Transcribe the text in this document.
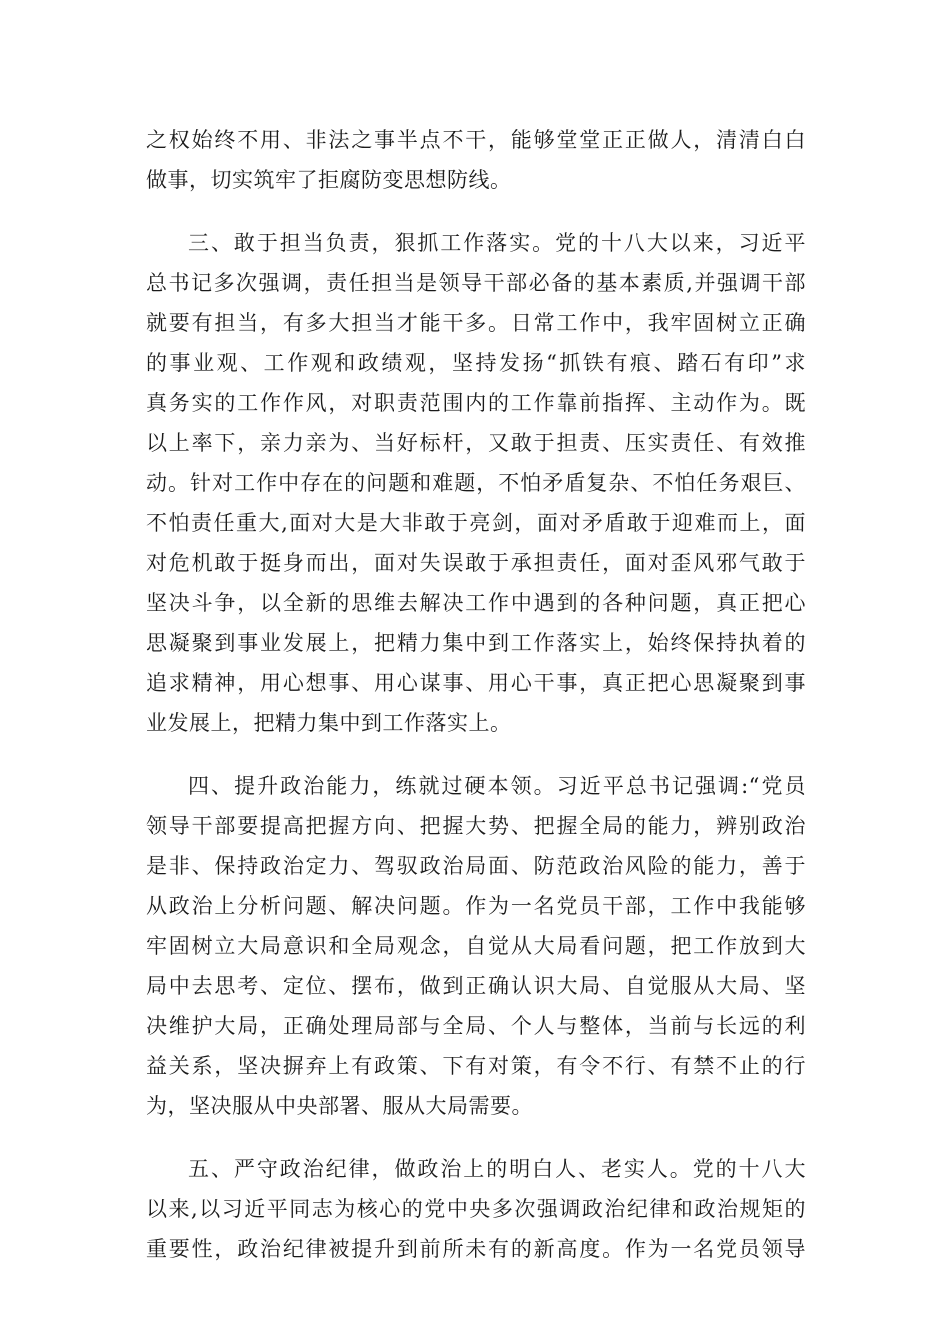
之权始终不用、非法之事半点不干，能够堂堂正正做人，清清白白
做事，切实筑牢了拒腐防变思想防线。
三、敢于担当负责，狠抓工作落实。党的十八大以来，习近平
总书记多次强调，责任担当是领导干部必备的基本素质,并强调干部
就要有担当，有多大担当才能干多。日常工作中，我牢固树立正确
的事业观、工作观和政绩观，坚持发扬“抓铁有痕、踏石有印”求
真务实的工作作风，对职责范围内的工作靠前指挥、主动作为。既
以上率下，亲力亲为、当好标杆，又敢于担责、压实责任、有效推
动。针对工作中存在的问题和难题，不怕矛盾复杂、不怕任务艰巨、
不怕责任重大,面对大是大非敢于亮剑，面对矛盾敢于迎难而上，面
对危机敢于挺身而出，面对失误敢于承担责任，面对歪风邪气敢于
坚决斗争，以全新的思维去解决工作中遇到的各种问题，真正把心
思凝聚到事业发展上，把精力集中到工作落实上，始终保持执着的
追求精神，用心想事、用心谋事、用心干事，真正把心思凝聚到事
业发展上，把精力集中到工作落实上。
四、提升政治能力，练就过硬本领。习近平总书记强调:“党员
领导干部要提高把握方向、把握大势、把握全局的能力，辨别政治
是非、保持政治定力、驾驭政治局面、防范政治风险的能力，善于
从政治上分析问题、解决问题。作为一名党员干部，工作中我能够
牢固树立大局意识和全局观念，自觉从大局看问题，把工作放到大
局中去思考、定位、摆布，做到正确认识大局、自觉服从大局、坚
决维护大局，正确处理局部与全局、个人与整体，当前与长远的利
益关系，坚决摒弃上有政策、下有对策，有令不行、有禁不止的行
为，坚决服从中央部署、服从大局需要。
五、严守政治纪律，做政治上的明白人、老实人。党的十八大
以来,以习近平同志为核心的党中央多次强调政治纪律和政治规矩的
重要性，政治纪律被提升到前所未有的新高度。作为一名党员领导
